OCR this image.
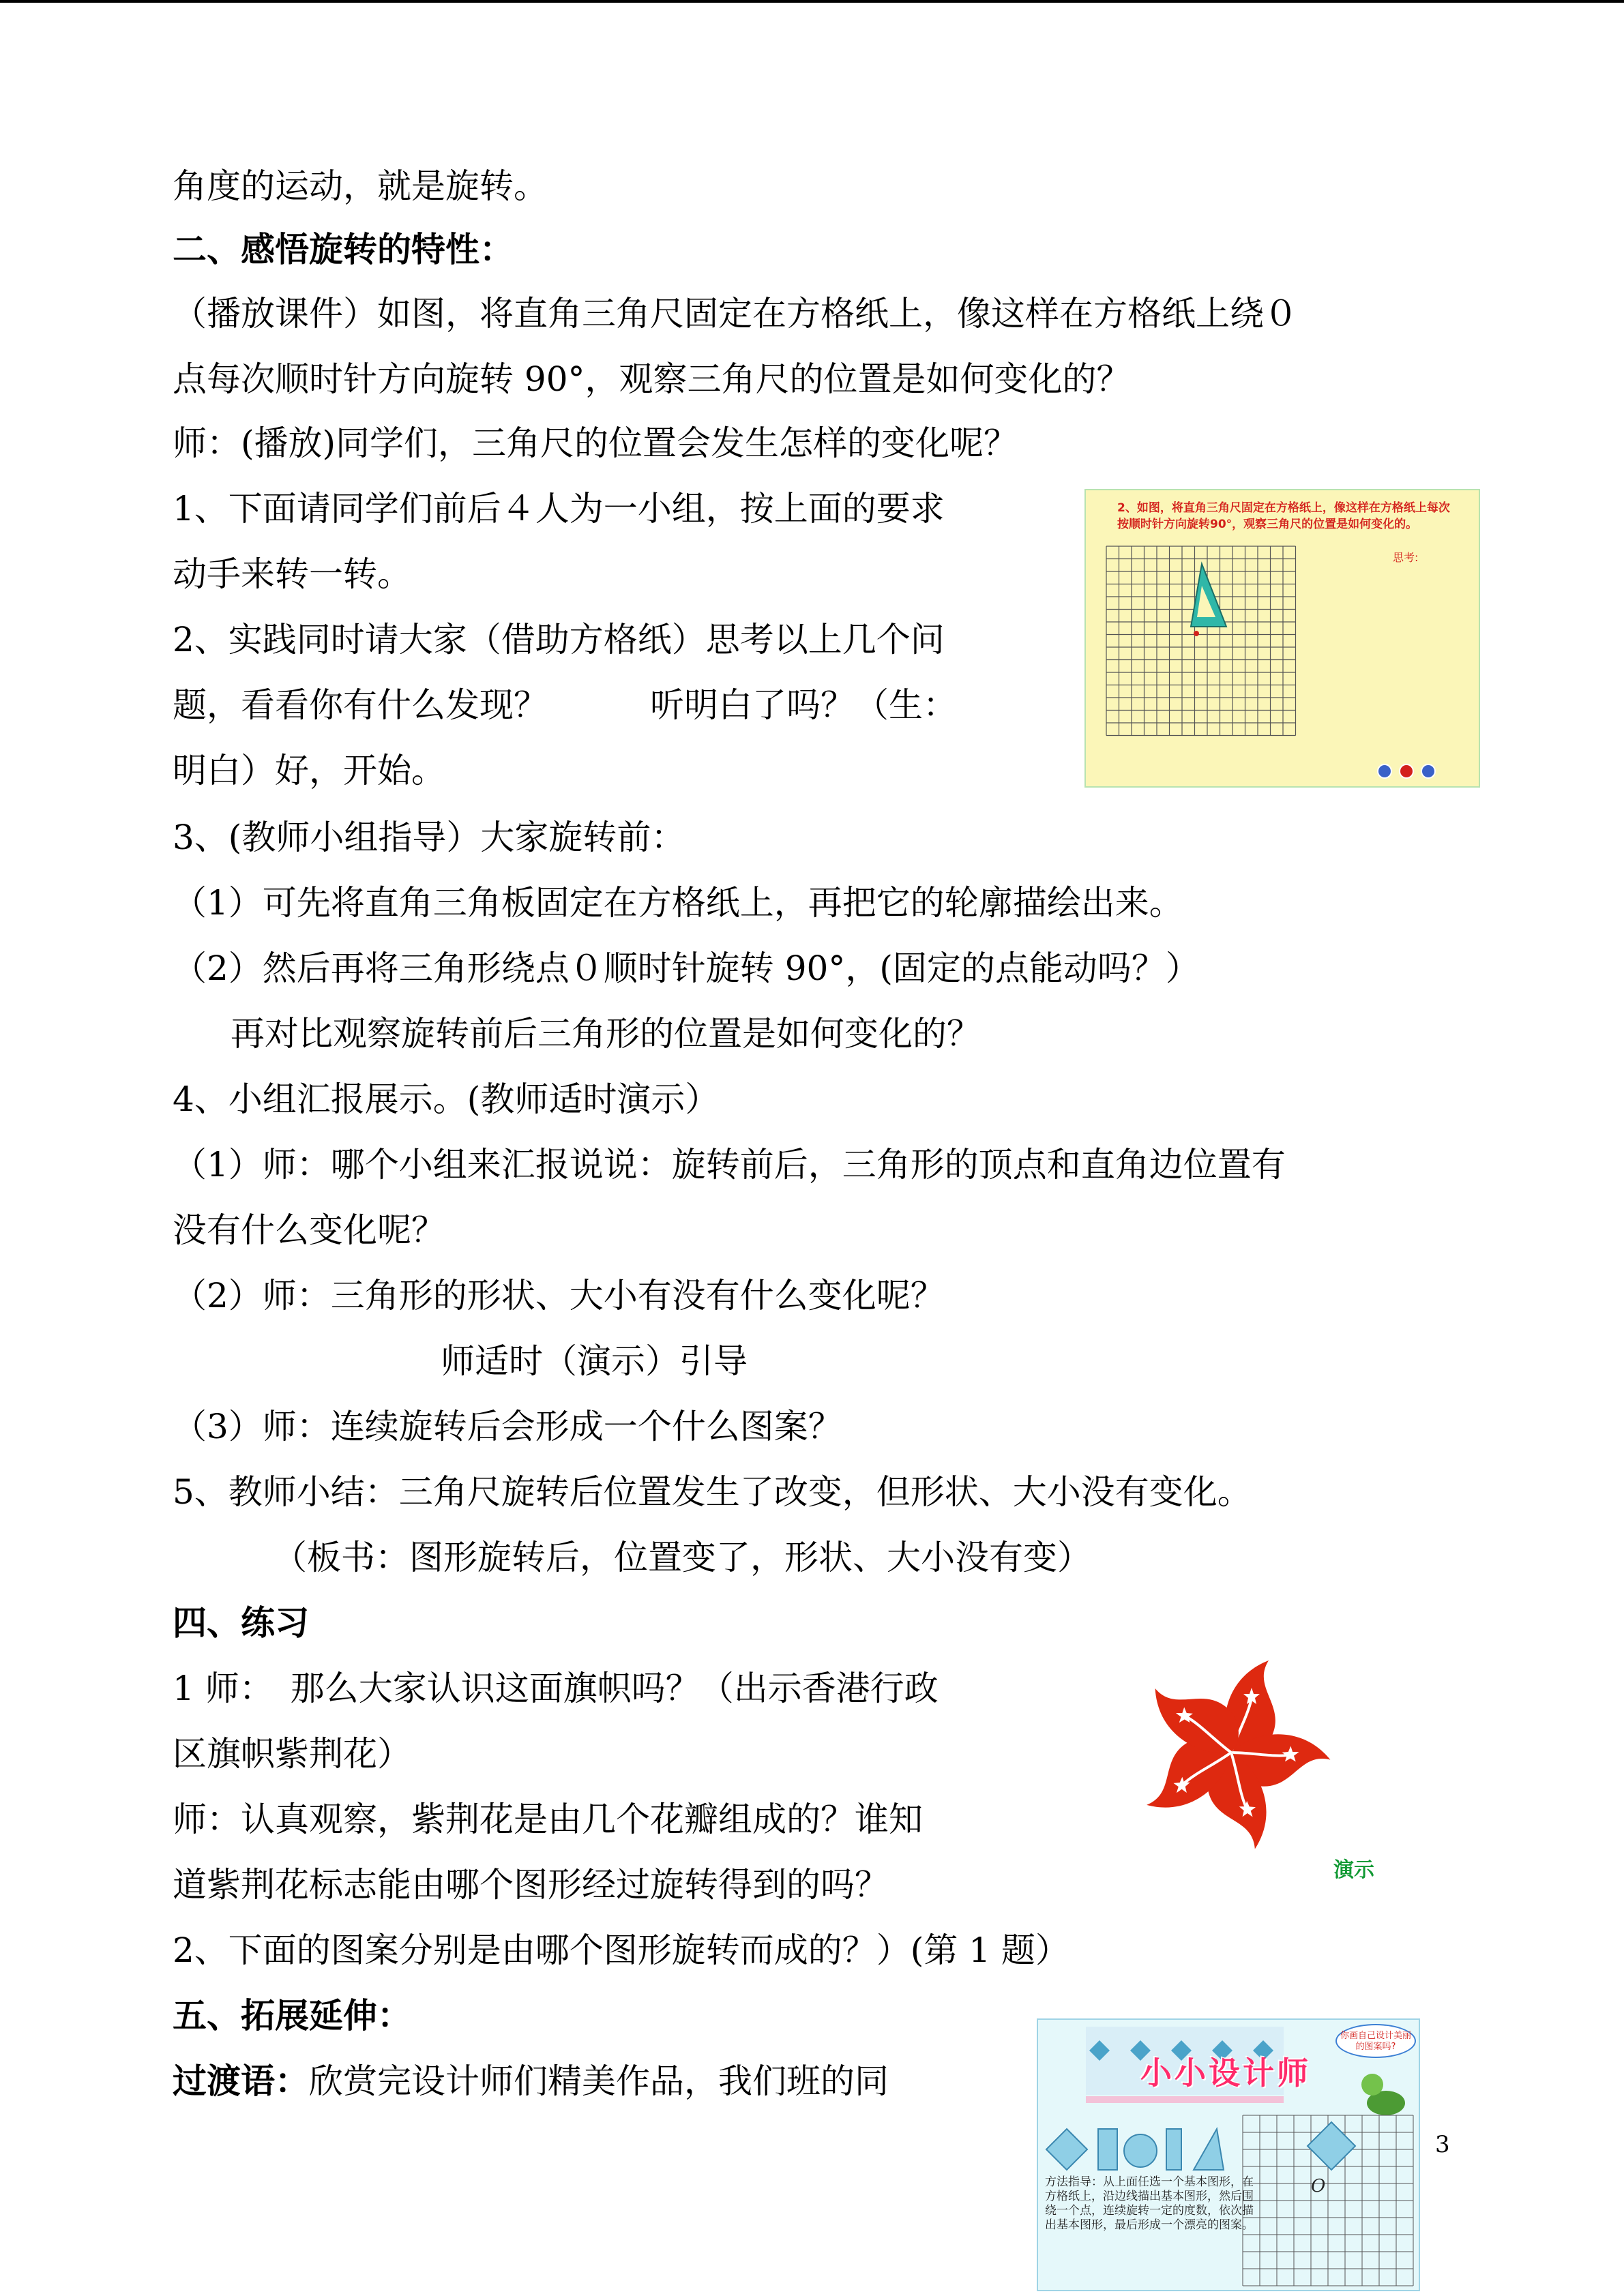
角度的运动，就是旋转。
二、感悟旋转的特性：
（播放课件）如图，将直角三角尺固定在方格纸上，像这样在方格纸上绕０
点每次顺时针方向旋转 90°，观察三角尺的位置是如何变化的？
师：(播放)同学们，三角尺的位置会发生怎样的变化呢？
1、下面请同学们前后４人为一小组，按上面的要求
动手来转一转。
2、实践同时请大家（借助方格纸）思考以上几个问
题，看看你有什么发现？　　　听明白了吗？（生：
明白）好，开始。
3、(教师小组指导）大家旋转前：
（1）可先将直角三角板固定在方格纸上，再把它的轮廓描绘出来。
（2）然后再将三角形绕点０顺时针旋转 90°，(固定的点能动吗？）
再对比观察旋转前后三角形的位置是如何变化的？
4、小组汇报展示。(教师适时演示）
（1）师：哪个小组来汇报说说：旋转前后，三角形的顶点和直角边位置有
没有什么变化呢？
（2）师：三角形的形状、大小有没有什么变化呢？
师适时（演示）引导
（3）师：连续旋转后会形成一个什么图案？
5、教师小结：三角尺旋转后位置发生了改变，但形状、大小没有变化。
（板书：图形旋转后，位置变了，形状、大小没有变）
四、练习
1 师：　那么大家认识这面旗帜吗？（出示香港行政
区旗帜紫荆花）
师：认真观察，紫荆花是由几个花瓣组成的？谁知
道紫荆花标志能由哪个图形经过旋转得到的吗？
2、下面的图案分别是由哪个图形旋转而成的？）(第 1 题）
五、拓展延伸：
过渡语：欣赏完设计师们精美作品，我们班的同
2、如图，将直角三角尺固定在方格纸上，像这样在方格纸上每次按顺时针方向旋转90°，观察三角尺的位置是如何变化的。
思考:
演示
O
小小设计师
你画自己设计美丽的图案吗?
方法指导：从上面任选一个基本图形，在方格纸上，沿边线描出基本图形，然后围绕一个点，连续旋转一定的度数，依次描出基本图形，最后形成一个漂亮的图案。
3
